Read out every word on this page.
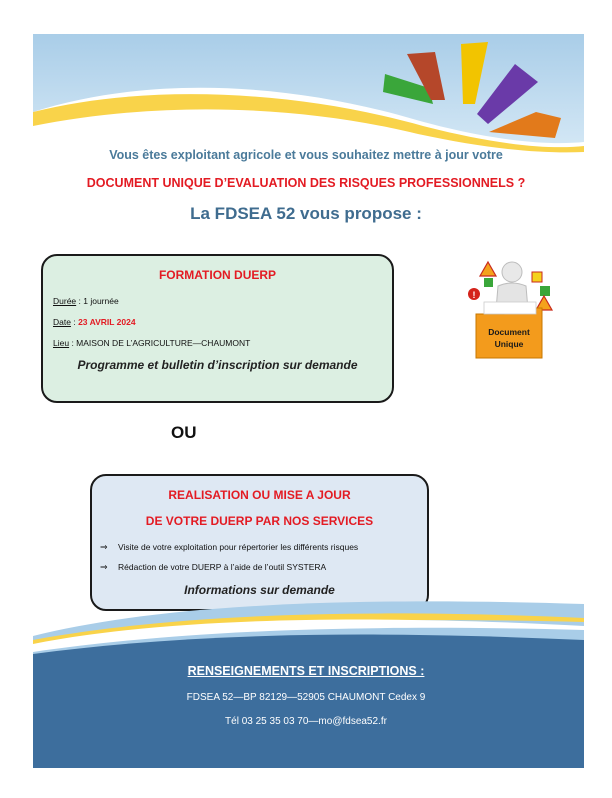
Vous êtes exploitant agricole et vous souhaitez mettre à jour votre
DOCUMENT UNIQUE D’EVALUATION DES RISQUES PROFESSIONNELS ?
La FDSEA 52 vous propose :
FORMATION DUERP
Durée : 1 journée
Date : 23 AVRIL 2024
Lieu : MAISON DE L’AGRICULTURE—CHAUMONT
Programme et bulletin d’inscription sur demande
!
Document
Unique
OU
REALISATION OU MISE A JOUR
DE VOTRE DUERP PAR NOS SERVICES
⇒ Visite de votre exploitation pour répertorier les différents risques
⇒ Rédaction de votre DUERP à l’aide de l’outil SYSTERA
Informations sur demande
RENSEIGNEMENTS ET INSCRIPTIONS :
FDSEA 52—BP 82129—52905 CHAUMONT Cedex 9
Tél 03 25 35 03 70—mo@fdsea52.fr
